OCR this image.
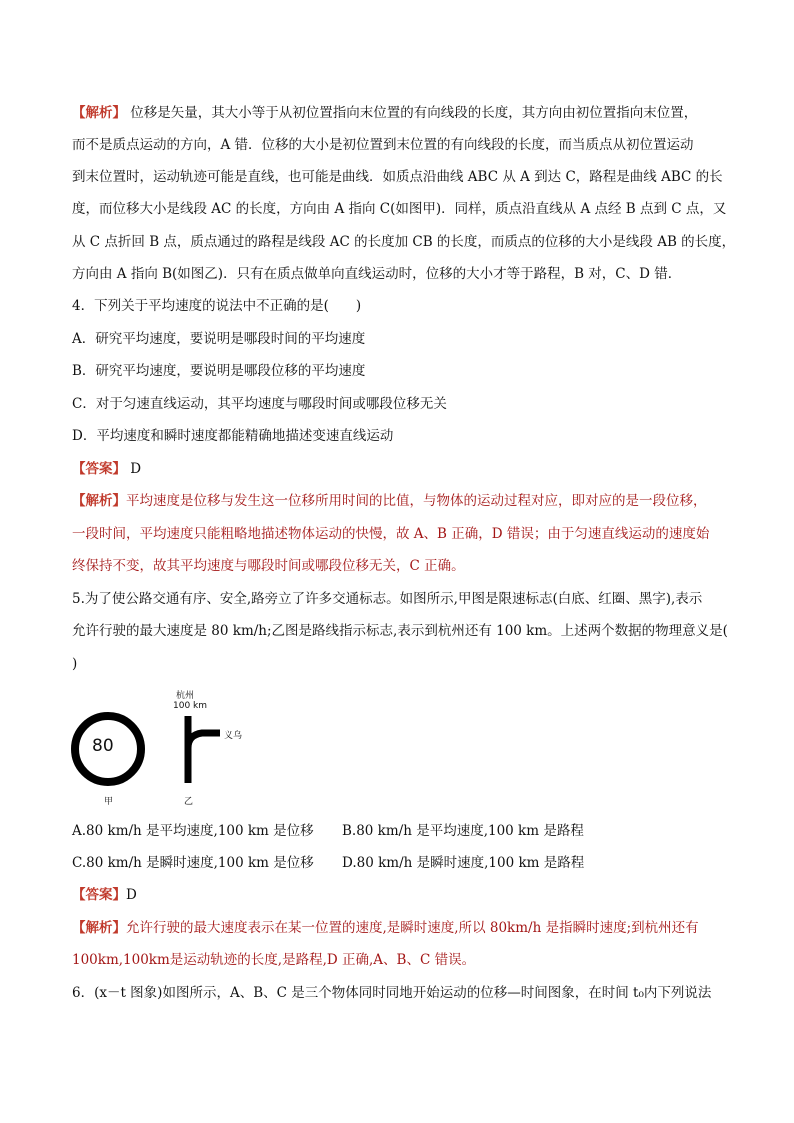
【解析】 位移是矢量，其大小等于从初位置指向末位置的有向线段的长度，其方向由初位置指向末位置，
而不是质点运动的方向，A 错．位移的大小是初位置到末位置的有向线段的长度，而当质点从初位置运动
到末位置时，运动轨迹可能是直线，也可能是曲线．如质点沿曲线 ABC 从 A 到达 C，路程是曲线 ABC 的长
度，而位移大小是线段 AC 的长度，方向由 A 指向 C(如图甲)．同样，质点沿直线从 A 点经 B 点到 C 点，又
从 C 点折回 B 点，质点通过的路程是线段 AC 的长度加 CB 的长度，而质点的位移的大小是线段 AB 的长度，
方向由 A 指向 B(如图乙)．只有在质点做单向直线运动时，位移的大小才等于路程，B 对，C、D 错．
4．下列关于平均速度的说法中不正确的是(　　)
A．研究平均速度，要说明是哪段时间的平均速度
B．研究平均速度，要说明是哪段位移的平均速度
C．对于匀速直线运动，其平均速度与哪段时间或哪段位移无关
D．平均速度和瞬时速度都能精确地描述变速直线运动
【答案】 D
【解析】平均速度是位移与发生这一位移所用时间的比值，与物体的运动过程对应，即对应的是一段位移，
一段时间，平均速度只能粗略地描述物体运动的快慢，故 A、B 正确，D 错误；由于匀速直线运动的速度始
终保持不变，故其平均速度与哪段时间或哪段位移无关，C 正确。
5.为了使公路交通有序、安全,路旁立了许多交通标志。如图所示,甲图是限速标志(白底、红圈、黑字),表示
允许行驶的最大速度是 80 km/h;乙图是路线指示标志,表示到杭州还有 100 km。上述两个数据的物理意义是(
)
80
甲	乙
杭州
100 km
义乌
A.80 km/h 是平均速度,100 km 是位移 B.80 km/h 是平均速度,100 km 是路程
C.80 km/h 是瞬时速度,100 km 是位移 D.80 km/h 是瞬时速度,100 km 是路程
【答案】D
【解析】允许行驶的最大速度表示在某一位置的速度,是瞬时速度,所以 80km/h 是指瞬时速度;到杭州还有
100km,100km是运动轨迹的长度,是路程,D 正确,A、B、C 错误。
6．(x－t 图象)如图所示，A、B、C 是三个物体同时同地开始运动的位移—时间图象，在时间 t₀内下列说法
